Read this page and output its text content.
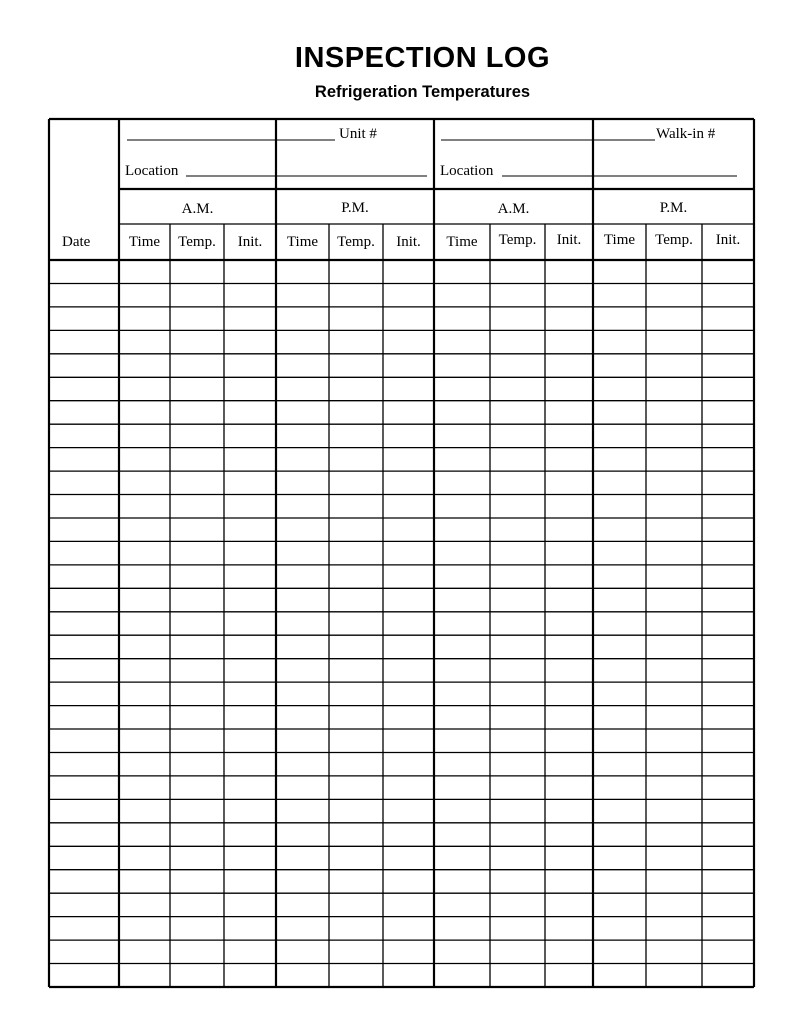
INSPECTION LOG
Refrigeration Temperatures
Date
Unit #
Location
A.M.	P.M.
Time	Temp.	Init.	Time	Temp.	Init.
Walk-in #
Location
A.M.	P.M.
Time	Temp.	Init.	Time	Temp.	Init.
